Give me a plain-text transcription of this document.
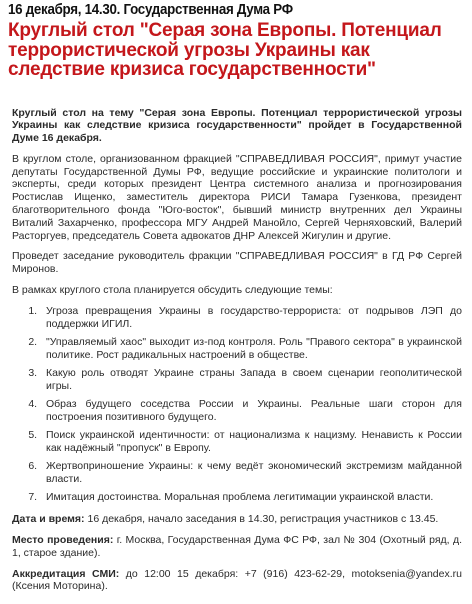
16 декабря, 14.30. Государственная Дума РФ
Круглый стол "Серая зона Европы. Потенциал террористической угрозы Украины как следствие кризиса государственности"

Круглый стол на тему "Серая зона Европы. Потенциал террористической угрозы Украины как следствие кризиса государственности" пройдет в Государственной Думе 16 декабря.

В круглом столе, организованном фракцией "СПРАВЕДЛИВАЯ РОССИЯ", примут участие депутаты Государственной Думы РФ, ведущие российские и украинские политологи и эксперты, среди которых президент Центра системного анализа и прогнозирования Ростислав Ищенко, заместитель директора РИСИ Тамара Гузенкова, президент благотворительного фонда "Юго-восток", бывший министр внутренних дел Украины Виталий Захарченко, профессора МГУ Андрей Манойло, Сергей Черняховский, Валерий Расторгуев, председатель Совета адвокатов ДНР Алексей Жигулин и другие.

Проведет заседание руководитель фракции "СПРАВЕДЛИВАЯ РОССИЯ" в ГД РФ Сергей Миронов.

В рамках круглого стола планируется обсудить следующие темы:

1. Угроза превращения Украины в государство-террориста: от подрывов ЛЭП до поддержки ИГИЛ.
2. "Управляемый хаос" выходит из-под контроля. Роль "Правого сектора" в украинской политике. Рост радикальных настроений в обществе.
3. Какую роль отводят Украине страны Запада в своем сценарии геополитической игры.
4. Образ будущего соседства России и Украины. Реальные шаги сторон для построения позитивного будущего.
5. Поиск украинской идентичности: от национализма к нацизму. Ненависть к России как надёжный "пропуск" в Европу.
6. Жертвоприношение Украины: к чему ведёт экономический экстремизм майданной власти.
7. Имитация достоинства. Моральная проблема легитимации украинской власти.

Дата и время: 16 декабря, начало заседания в 14.30, регистрация участников с 13.45.

Место проведения: г. Москва, Государственная Дума ФС РФ, зал № 304 (Охотный ряд, д. 1, старое здание).

Аккредитация СМИ: до 12:00 15 декабря: +7 (916) 423-62-29, motoksenia@yandex.ru (Ксения Моторина).
